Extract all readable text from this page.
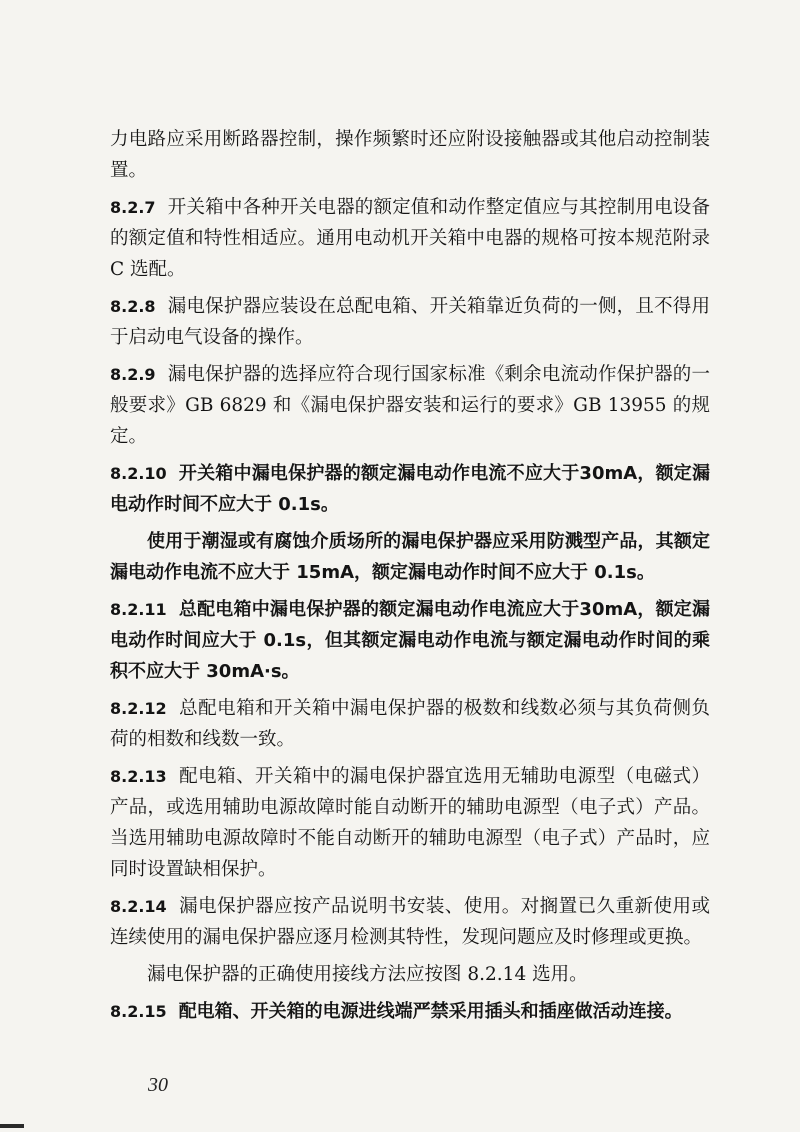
力电路应采用断路器控制，操作频繁时还应附设接触器或其他启动控制装置。

8.2.7 开关箱中各种开关电器的额定值和动作整定值应与其控制用电设备的额定值和特性相适应。通用电动机开关箱中电器的规格可按本规范附录 C 选配。

8.2.8 漏电保护器应装设在总配电箱、开关箱靠近负荷的一侧，且不得用于启动电气设备的操作。

8.2.9 漏电保护器的选择应符合现行国家标准《剩余电流动作保护器的一般要求》GB 6829 和《漏电保护器安装和运行的要求》GB 13955 的规定。

8.2.10 开关箱中漏电保护器的额定漏电动作电流不应大于30mA，额定漏电动作时间不应大于 0.1s。

使用于潮湿或有腐蚀介质场所的漏电保护器应采用防溅型产品，其额定漏电动作电流不应大于 15mA，额定漏电动作时间不应大于 0.1s。

8.2.11 总配电箱中漏电保护器的额定漏电动作电流应大于30mA，额定漏电动作时间应大于 0.1s，但其额定漏电动作电流与额定漏电动作时间的乘积不应大于 30mA·s。

8.2.12 总配电箱和开关箱中漏电保护器的极数和线数必须与其负荷侧负荷的相数和线数一致。

8.2.13 配电箱、开关箱中的漏电保护器宜选用无辅助电源型（电磁式）产品，或选用辅助电源故障时能自动断开的辅助电源型（电子式）产品。当选用辅助电源故障时不能自动断开的辅助电源型（电子式）产品时，应同时设置缺相保护。

8.2.14 漏电保护器应按产品说明书安装、使用。对搁置已久重新使用或连续使用的漏电保护器应逐月检测其特性，发现问题应及时修理或更换。

漏电保护器的正确使用接线方法应按图 8.2.14 选用。

8.2.15 配电箱、开关箱的电源进线端严禁采用插头和插座做活动连接。

30
